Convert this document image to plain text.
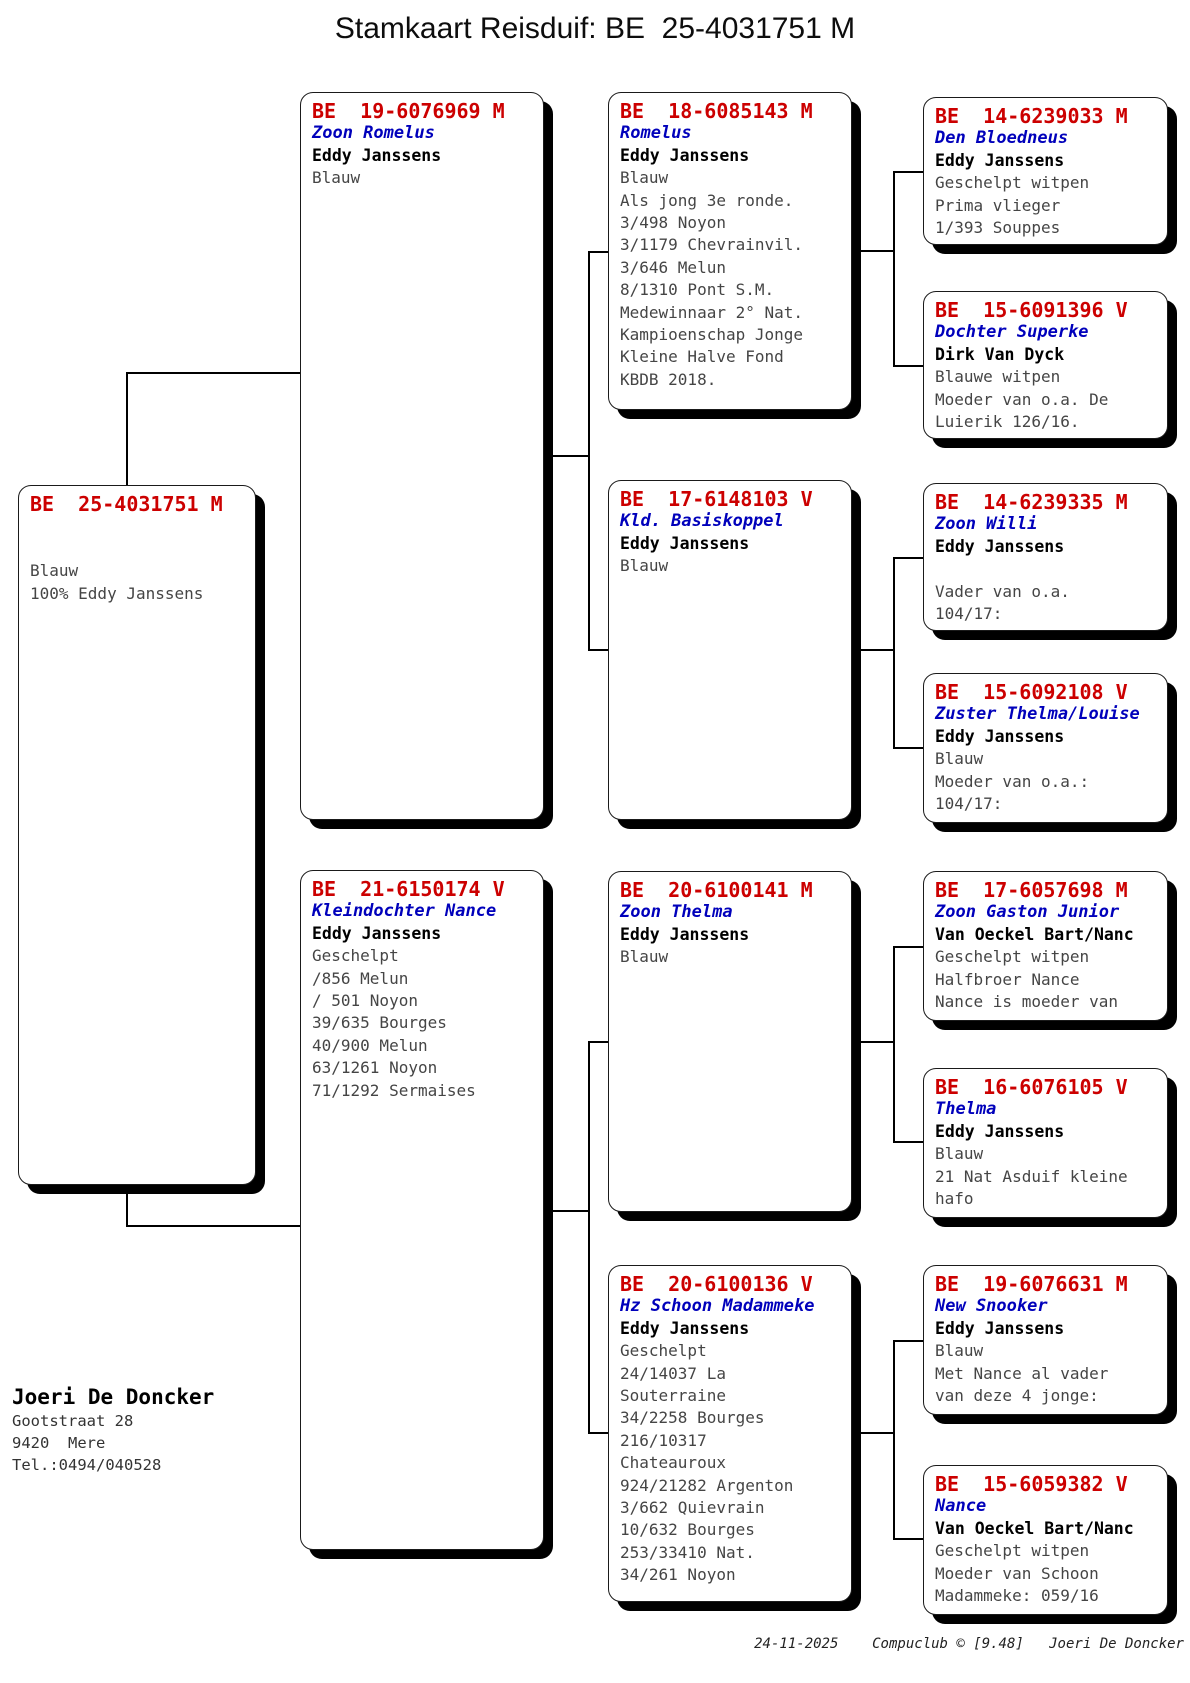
Stamkaart Reisduif: BE  25-4031751 M
BE  25-4031751 M
Blauw
100% Eddy Janssens
BE  19-6076969 M
Zoon Romelus
Eddy Janssens
Blauw
BE  21-6150174 V
Kleindochter Nance
Eddy Janssens
Geschelpt
/856 Melun
/ 501 Noyon
39/635 Bourges
40/900 Melun
63/1261 Noyon
71/1292 Sermaises
BE  18-6085143 M
Romelus
Eddy Janssens
Blauw
Als jong 3e ronde.
3/498 Noyon
3/1179 Chevrainvil.
3/646 Melun
8/1310 Pont S.M.
Medewinnaar 2° Nat.
Kampioenschap Jonge
Kleine Halve Fond
KBDB 2018.
BE  17-6148103 V
Kld. Basiskoppel
Eddy Janssens
Blauw
BE  20-6100141 M
Zoon Thelma
Eddy Janssens
Blauw
BE  20-6100136 V
Hz Schoon Madammeke
Eddy Janssens
Geschelpt
24/14037 La
Souterraine
34/2258 Bourges
216/10317
Chateauroux
924/21282 Argenton
3/662 Quievrain
10/632 Bourges
253/33410 Nat.
34/261 Noyon
BE  14-6239033 M
Den Bloedneus
Eddy Janssens
Geschelpt witpen
Prima vlieger
1/393 Souppes
BE  15-6091396 V
Dochter Superke
Dirk Van Dyck
Blauwe witpen
Moeder van o.a. De
Luierik 126/16.
BE  14-6239335 M
Zoon Willi
Eddy Janssens
Vader van o.a.
104/17:
BE  15-6092108 V
Zuster Thelma/Louise
Eddy Janssens
Blauw
Moeder van o.a.:
104/17:
BE  17-6057698 M
Zoon Gaston Junior
Van Oeckel Bart/Nanc
Geschelpt witpen
Halfbroer Nance
Nance is moeder van
BE  16-6076105 V
Thelma
Eddy Janssens
Blauw
21 Nat Asduif kleine
hafo
BE  19-6076631 M
New Snooker
Eddy Janssens
Blauw
Met Nance al vader
van deze 4 jonge:
BE  15-6059382 V
Nance
Van Oeckel Bart/Nanc
Geschelpt witpen
Moeder van Schoon
Madammeke: 059/16
Joeri De Doncker
Gootstraat 28
9420  Mere
Tel.:0494/040528
24-11-2025    Compuclub © [9.48]   Joeri De Doncker
